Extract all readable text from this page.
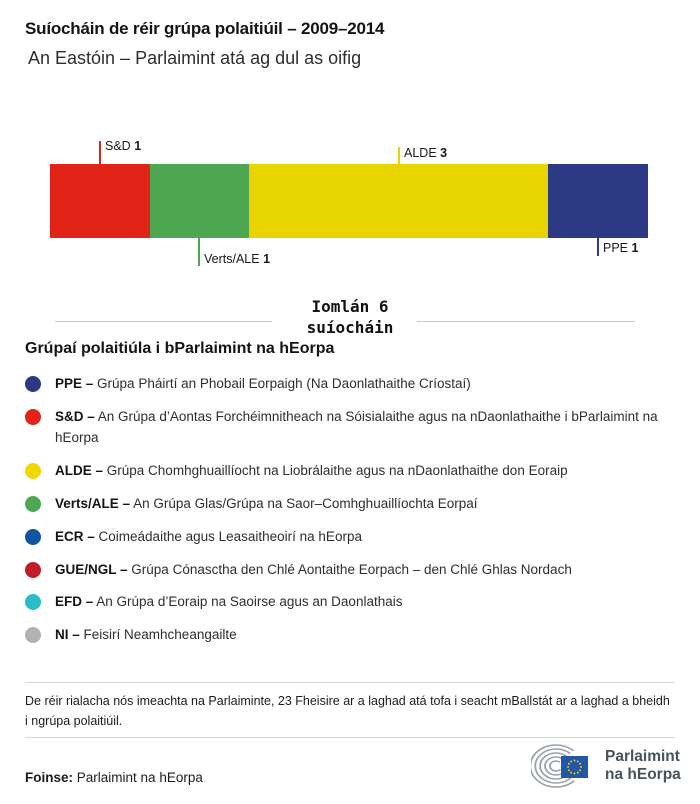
Suíocháin de réir grúpa polaitiúil – 2009–2014
An Eastóin – Parlaimint atá ag dul as oifig
S&D 1	ALDE 3
Verts/ALE 1
PPE 1
Iomlán 6
suíocháin
Grúpaí polaitiúla i bParlaimint na hEorpa
PPE – Grúpa Pháirtí an Phobail Eorpaigh (Na Daonlathaithe Críostaí)
S&D – An Grúpa d’Aontas Forchéimnitheach na Sóisialaithe agus na nDaonlathaithe i bParlaimint na hEorpa
ALDE – Grúpa Chomhghuaillíocht na Liobrálaithe agus na nDaonlathaithe don Eoraip
Verts/ALE – An Grúpa Glas/Grúpa na Saor–Comhghuaillíochta Eorpaí
ECR – Coimeádaithe agus Leasaitheoirí na hEorpa
GUE/NGL – Grúpa Cónasctha den Chlé Aontaithe Eorpach – den Chlé Ghlas Nordach
EFD – An Grúpa d’Eoraip na Saoirse agus an Daonlathais
NI – Feisirí Neamhcheangailte
De réir rialacha nós imeachta na Parlaiminte, 23 Fheisire ar a laghad atá tofa i seacht mBallstát ar a laghad a bheidh i ngrúpa polaitiúil.
Foinse: Parlaimint na hEorpa
Parlaimint
na hEorpa
